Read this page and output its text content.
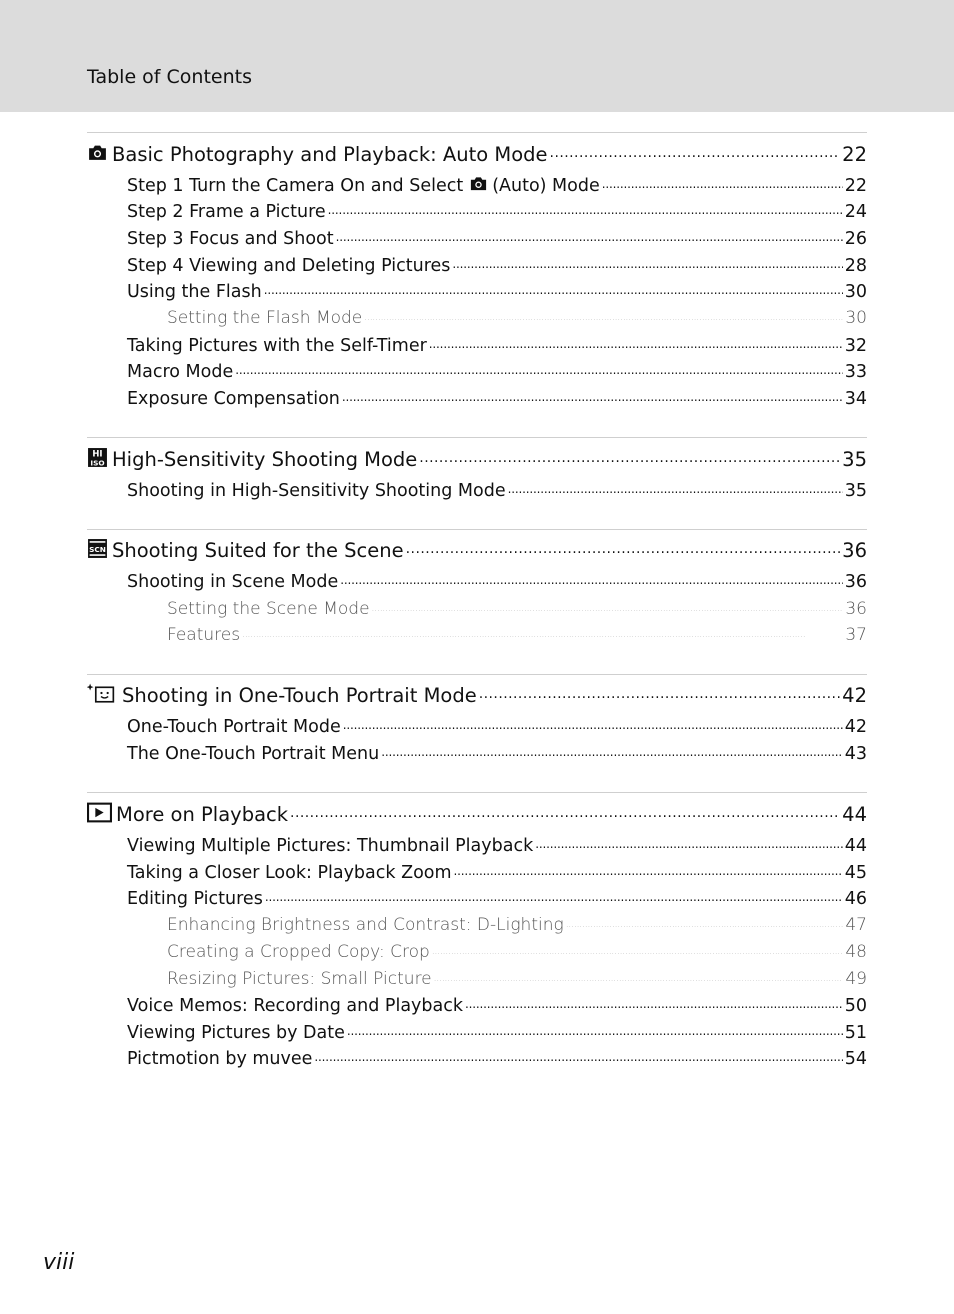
Table of Contents
Basic Photography and Playback: Auto Mode . . .	22
Step 1 Turn the Camera On and Select (Auto) Mode . . .	22
Step 2 Frame a Picture . . .	24
Step 3 Focus and Shoot . . .	26
Step 4 Viewing and Deleting Pictures . . .	28
Using the Flash . . .	30
Setting the Flash Mode . . .	30
Taking Pictures with the Self-Timer . . .	32
Macro Mode . . .	33
Exposure Compensation . . .	34
HI
ISO High-Sensitivity Shooting Mode . . .	35
Shooting in High-Sensitivity Shooting Mode . . .	35
SCN Shooting Suited for the Scene . . .	36
Shooting in Scene Mode . . .	36
Setting the Scene Mode . . .	36
Features . . .	37
Shooting in One-Touch Portrait Mode . . .	42
One-Touch Portrait Mode . . .	42
The One-Touch Portrait Menu . . .	43
More on Playback . . .	44
Viewing Multiple Pictures: Thumbnail Playback . . .	44
Taking a Closer Look: Playback Zoom . . .	45
Editing Pictures . . .	46
Enhancing Brightness and Contrast: D-Lighting . . .	47
Creating a Cropped Copy: Crop . . .	48
Resizing Pictures: Small Picture . . .	49
Voice Memos: Recording and Playback . . .	50
Viewing Pictures by Date . . .	51
Pictmotion by muvee . . .	54
viii
